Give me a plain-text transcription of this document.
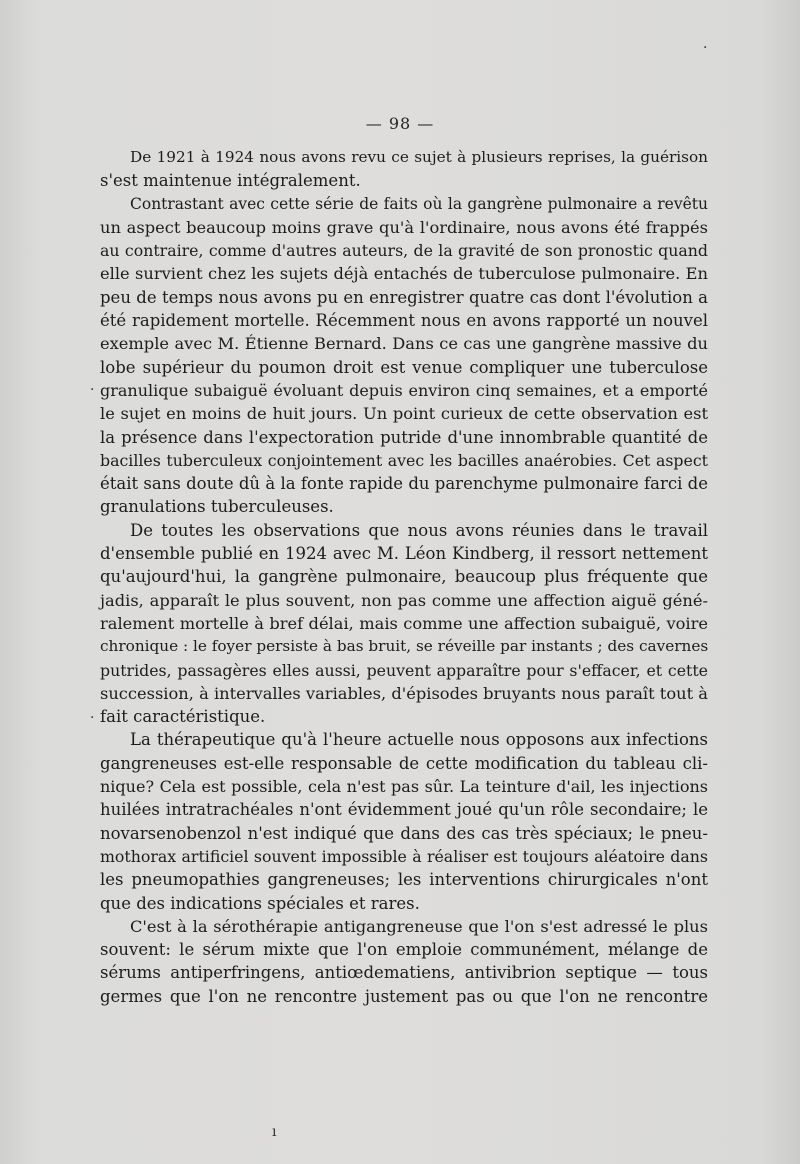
— 98 —
De 1921 à 1924 nous avons revu ce sujet à plusieurs reprises, la guérison
s'est maintenue intégralement.
Contrastant avec cette série de faits où la gangrène pulmonaire a revêtu
un aspect beaucoup moins grave qu'à l'ordinaire, nous avons été frappés
au contraire, comme d'autres auteurs, de la gravité de son pronostic quand
elle survient chez les sujets déjà entachés de tuberculose pulmonaire. En
peu de temps nous avons pu en enregistrer quatre cas dont l'évolution a
été rapidement mortelle. Récemment nous en avons rapporté un nouvel
exemple avec M. Étienne Bernard. Dans ce cas une gangrène massive du
lobe supérieur du poumon droit est venue compliquer une tuberculose
granulique subaiguë évoluant depuis environ cinq semaines, et a emporté
le sujet en moins de huit jours. Un point curieux de cette observation est
la présence dans l'expectoration putride d'une innombrable quantité de
bacilles tuberculeux conjointement avec les bacilles anaérobies. Cet aspect
était sans doute dû à la fonte rapide du parenchyme pulmonaire farci de
granulations tuberculeuses.
De toutes les observations que nous avons réunies dans le travail
d'ensemble publié en 1924 avec M. Léon Kindberg, il ressort nettement
qu'aujourd'hui, la gangrène pulmonaire, beaucoup plus fréquente que
jadis, apparaît le plus souvent, non pas comme une affection aiguë géné-
ralement mortelle à bref délai, mais comme une affection subaiguë, voire
chronique : le foyer persiste à bas bruit, se réveille par instants ; des cavernes
putrides, passagères elles aussi, peuvent apparaître pour s'effacer, et cette
succession, à intervalles variables, d'épisodes bruyants nous paraît tout à
fait caractéristique.
La thérapeutique qu'à l'heure actuelle nous opposons aux infections
gangreneuses est-elle responsable de cette modification du tableau cli-
nique? Cela est possible, cela n'est pas sûr. La teinture d'ail, les injections
huilées intratrachéales n'ont évidemment joué qu'un rôle secondaire; le
novarsenobenzol n'est indiqué que dans des cas très spéciaux; le pneu-
mothorax artificiel souvent impossible à réaliser est toujours aléatoire dans
les pneumopathies gangreneuses; les interventions chirurgicales n'ont
que des indications spéciales et rares.
C'est à la sérothérapie antigangreneuse que l'on s'est adressé le plus
souvent: le sérum mixte que l'on emploie communément, mélange de
sérums antiperfringens, antiœdematiens, antivibrion septique — tous
germes que l'on ne rencontre justement pas ou que l'on ne rencontre
·
·
·
ı
